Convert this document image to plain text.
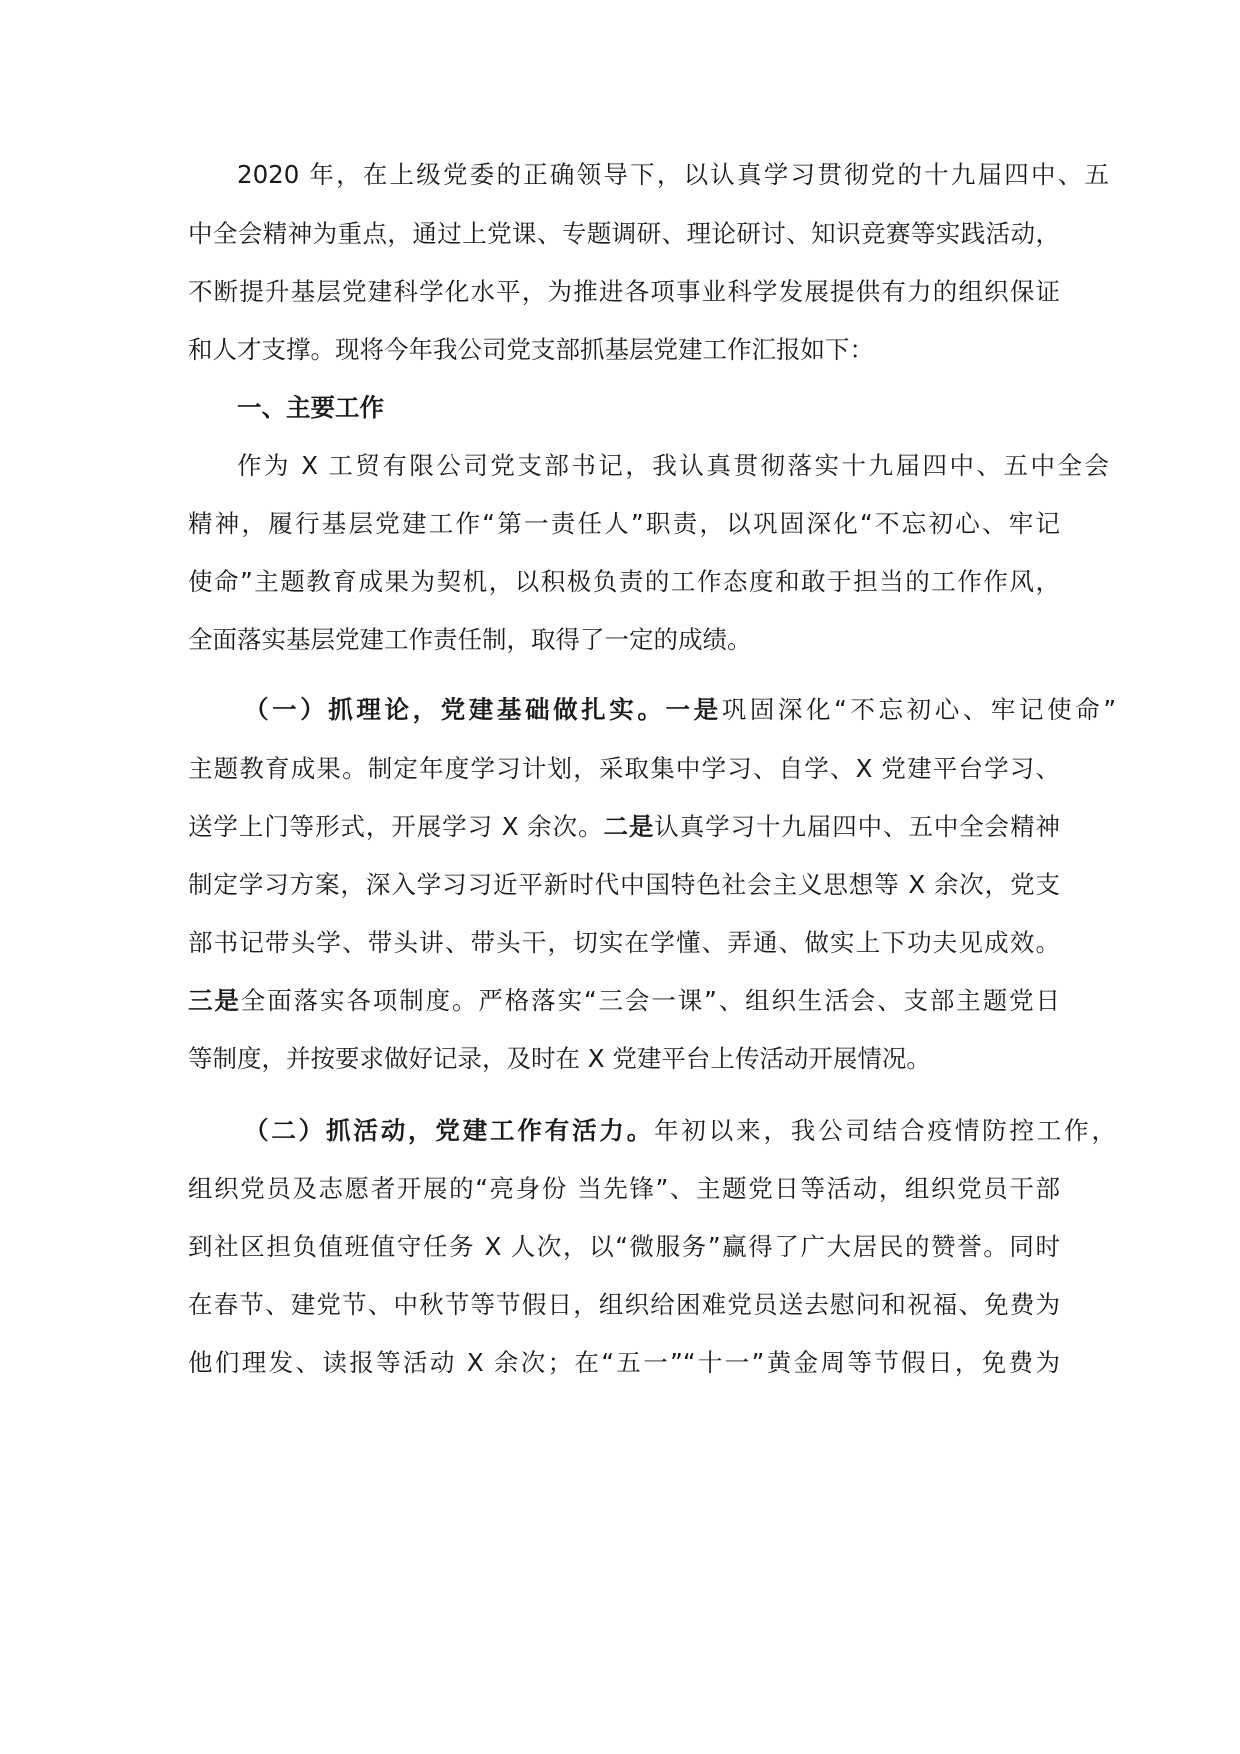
2020 年，在上级党委的正确领导下，以认真学习贯彻党的十九届四中、五
中全会精神为重点，通过上党课、专题调研、理论研讨、知识竞赛等实践活动，
不断提升基层党建科学化水平，为推进各项事业科学发展提供有力的组织保证
和人才支撑。现将今年我公司党支部抓基层党建工作汇报如下：
一、主要工作
作为 X 工贸有限公司党支部书记，我认真贯彻落实十九届四中、五中全会
精神，履行基层党建工作“第一责任人”职责，以巩固深化“不忘初心、牢记
使命”主题教育成果为契机，以积极负责的工作态度和敢于担当的工作作风，
全面落实基层党建工作责任制，取得了一定的成绩。
（一）抓理论，党建基础做扎实。一是巩固深化“不忘初心、牢记使命”
主题教育成果。制定年度学习计划，采取集中学习、自学、X 党建平台学习、
送学上门等形式，开展学习 X 余次。二是认真学习十九届四中、五中全会精神
制定学习方案，深入学习习近平新时代中国特色社会主义思想等 X 余次，党支
部书记带头学、带头讲、带头干，切实在学懂、弄通、做实上下功夫见成效。
三是全面落实各项制度。严格落实“三会一课”、组织生活会、支部主题党日
等制度，并按要求做好记录，及时在 X 党建平台上传活动开展情况。
（二）抓活动，党建工作有活力。年初以来，我公司结合疫情防控工作，
组织党员及志愿者开展的“亮身份 当先锋”、主题党日等活动，组织党员干部
到社区担负值班值守任务 X 人次，以“微服务”赢得了广大居民的赞誉。同时
在春节、建党节、中秋节等节假日，组织给困难党员送去慰问和祝福、免费为
他们理发、读报等活动 X 余次；在“五一”“十一”黄金周等节假日，免费为
